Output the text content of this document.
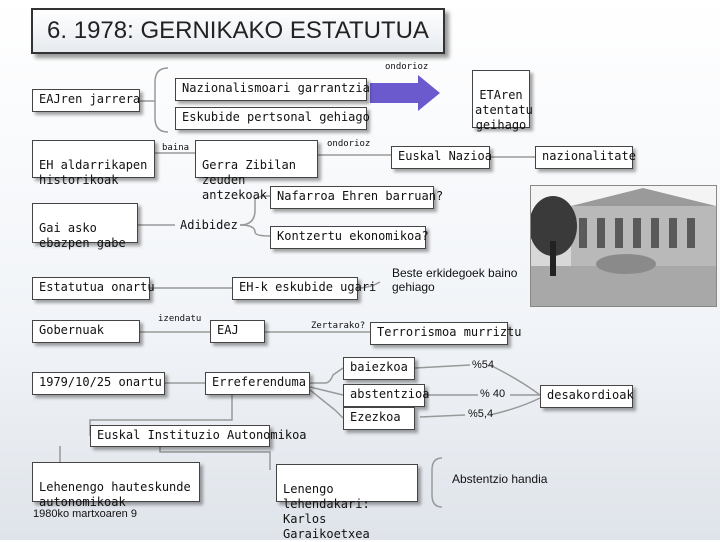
6. 1978: GERNIKAKO ESTATUTUA
EAJren jarrera
Nazionalismoari garrantzia
Eskubide pertsonal gehiago
ondorioz

ETAren
atentatu
geihago

EH aldarrikapen
historikoak

baina

Gerra Zibilan
zeuden antzekoak

ondorioz
Euskal Nazioa	nazionalitate
Nafarroa Ehren barruan?

Gai asko
ebazpen gabe

Adibidez
Kontzertu ekonomikoa?
Beste erkidegoek baino
gehiago
Estatutua onartu	EH-k eskubide ugari
izendatu
Gobernuak	EAJ	Zertarako? Terrorismoa murriztu
baiezkoa	%54
1979/10/25 onartu	Erreferenduma
abstentzioa	% 40	desakordioak
Ezezkoa	%5,4
Euskal Instituzio Autonomikoa

Lehenengo hauteskunde
autonomikoak

1980ko martxoaren 9

Lenengo lehendakari:
Karlos Garaikoetxea

Abstentzio handia
